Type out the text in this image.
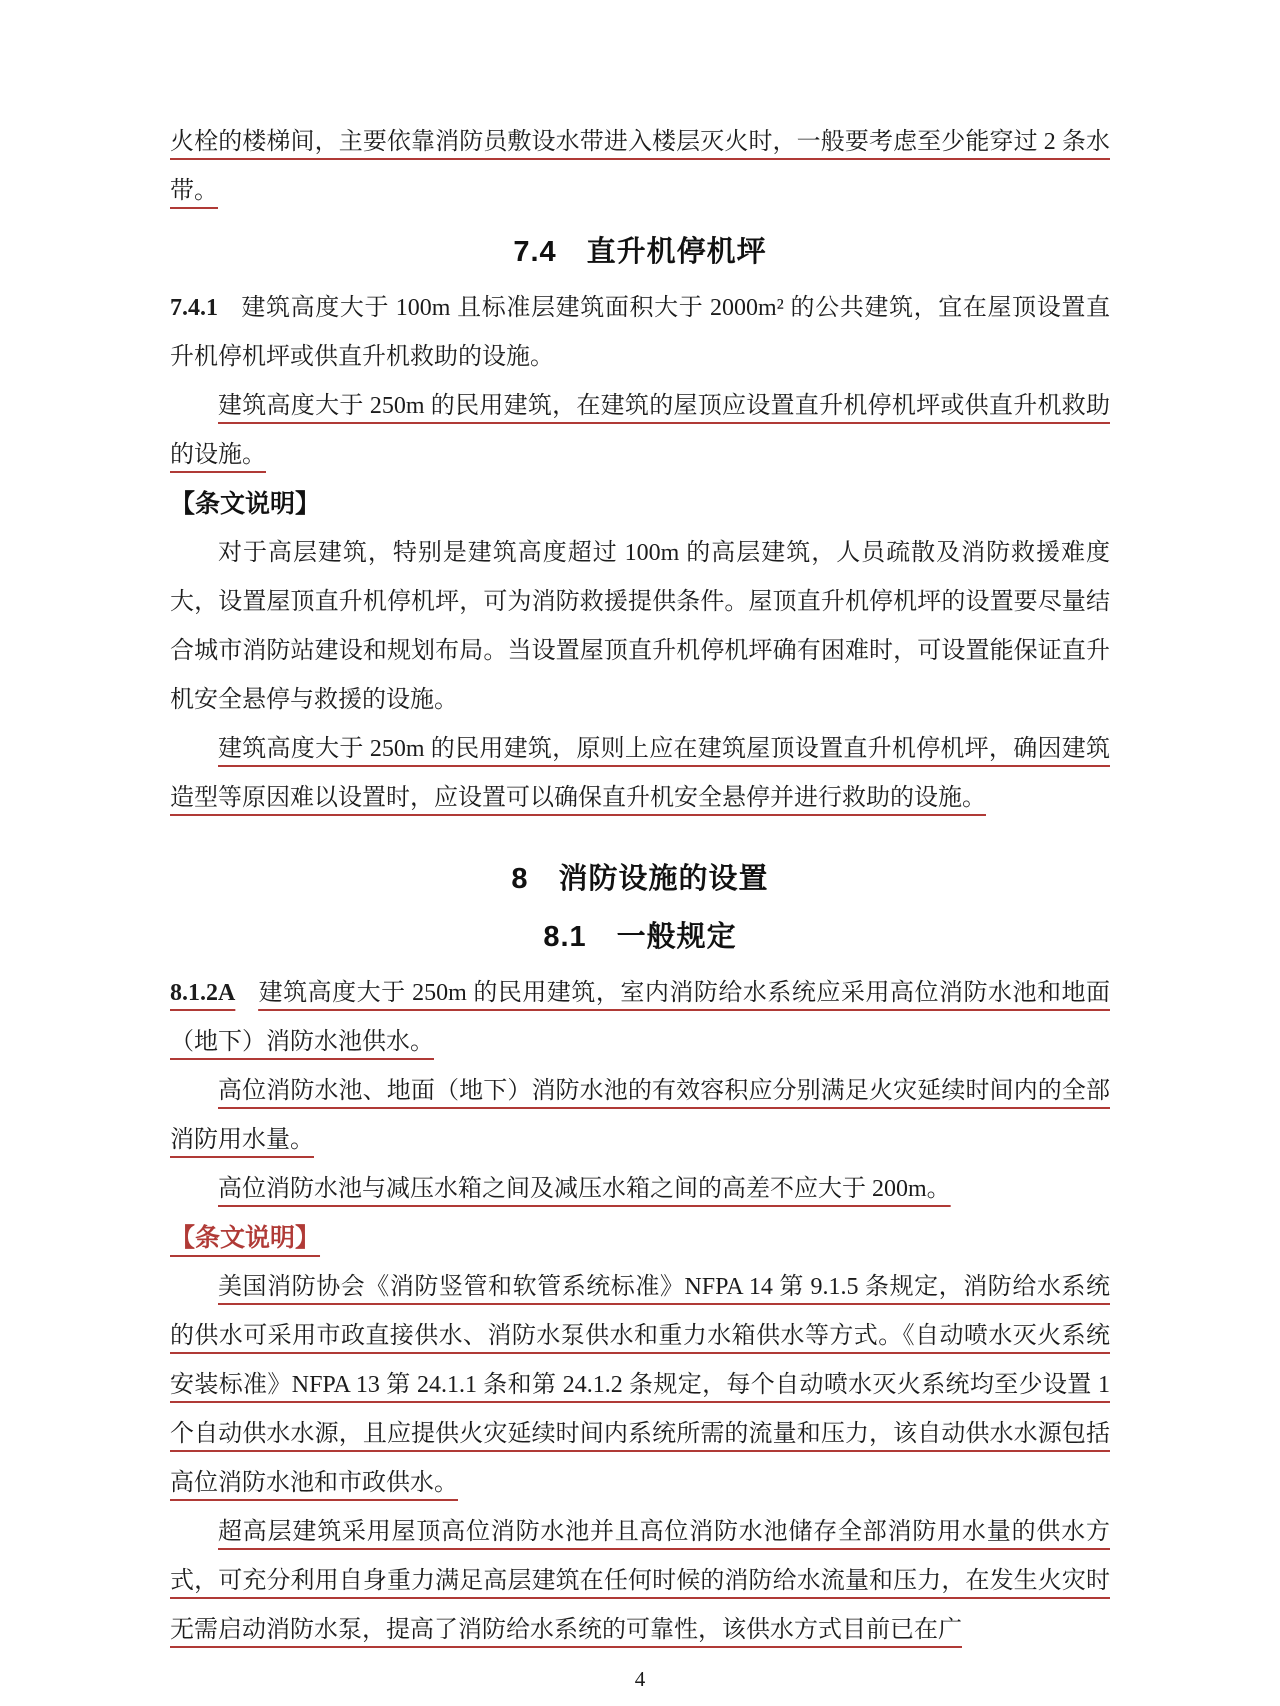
火栓的楼梯间，主要依靠消防员敷设水带进入楼层灭火时，一般要考虑至少能穿过 2 条水带。

7.4　直升机停机坪

7.4.1 建筑高度大于 100m 且标准层建筑面积大于 2000m² 的公共建筑，宜在屋顶设置直升机停机坪或供直升机救助的设施。

建筑高度大于 250m 的民用建筑，在建筑的屋顶应设置直升机停机坪或供直升机救助的设施。

【条文说明】

对于高层建筑，特别是建筑高度超过 100m 的高层建筑，人员疏散及消防救援难度大，设置屋顶直升机停机坪，可为消防救援提供条件。屋顶直升机停机坪的设置要尽量结合城市消防站建设和规划布局。当设置屋顶直升机停机坪确有困难时，可设置能保证直升机安全悬停与救援的设施。

建筑高度大于 250m 的民用建筑，原则上应在建筑屋顶设置直升机停机坪，确因建筑造型等原因难以设置时，应设置可以确保直升机安全悬停并进行救助的设施。

8　消防设施的设置
8.1　一般规定

8.1.2A 建筑高度大于 250m 的民用建筑，室内消防给水系统应采用高位消防水池和地面（地下）消防水池供水。

高位消防水池、地面（地下）消防水池的有效容积应分别满足火灾延续时间内的全部消防用水量。

高位消防水池与减压水箱之间及减压水箱之间的高差不应大于 200m。

【条文说明】

美国消防协会《消防竖管和软管系统标准》NFPA 14 第 9.1.5 条规定，消防给水系统的供水可采用市政直接供水、消防水泵供水和重力水箱供水等方式。《自动喷水灭火系统安装标准》NFPA 13 第 24.1.1 条和第 24.1.2 条规定，每个自动喷水灭火系统均至少设置 1 个自动供水水源，且应提供火灾延续时间内系统所需的流量和压力，该自动供水水源包括高位消防水池和市政供水。

超高层建筑采用屋顶高位消防水池并且高位消防水池储存全部消防用水量的供水方式，可充分利用自身重力满足高层建筑在任何时候的消防给水流量和压力，在发生火灾时无需启动消防水泵，提高了消防给水系统的可靠性，该供水方式目前已在广

4
